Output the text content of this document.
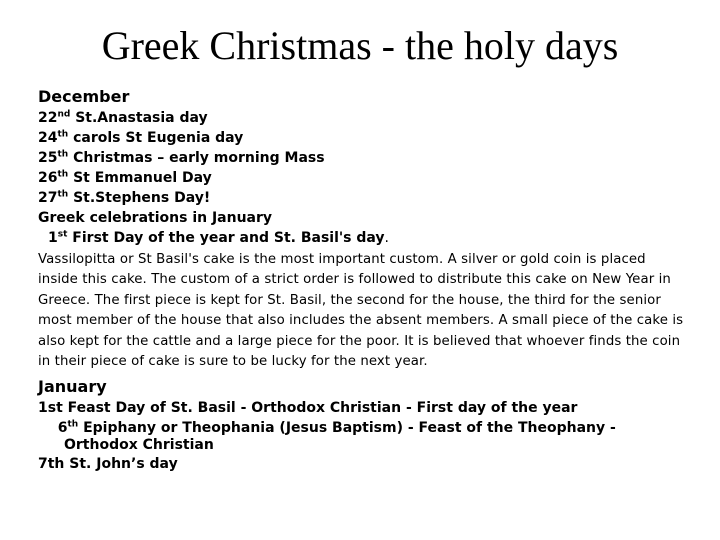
Greek Christmas - the holy days
December
22nd St.Anastasia day
24th carols St Eugenia day
25th Christmas – early morning Mass
26th St Emmanuel Day
27th St.Stephens Day!
Greek celebrations in January
1st First Day of the year and St. Basil's day.
Vassilopitta or St Basil's cake is the most important custom. A silver or gold coin is placed inside this cake. The custom of a strict order is followed to distribute this cake on New Year in Greece. The first piece is kept for St. Basil, the second for the house, the third for the senior most member of the house that also includes the absent members. A small piece of the cake is also kept for the cattle and a large piece for the poor. It is believed that whoever finds the coin in their piece of cake is sure to be lucky for the next year.
January
1st Feast Day of St. Basil - Orthodox Christian - First day of the year
6th Epiphany or Theophania (Jesus Baptism) - Feast of the Theophany - Orthodox Christian
7th St. John’s day
